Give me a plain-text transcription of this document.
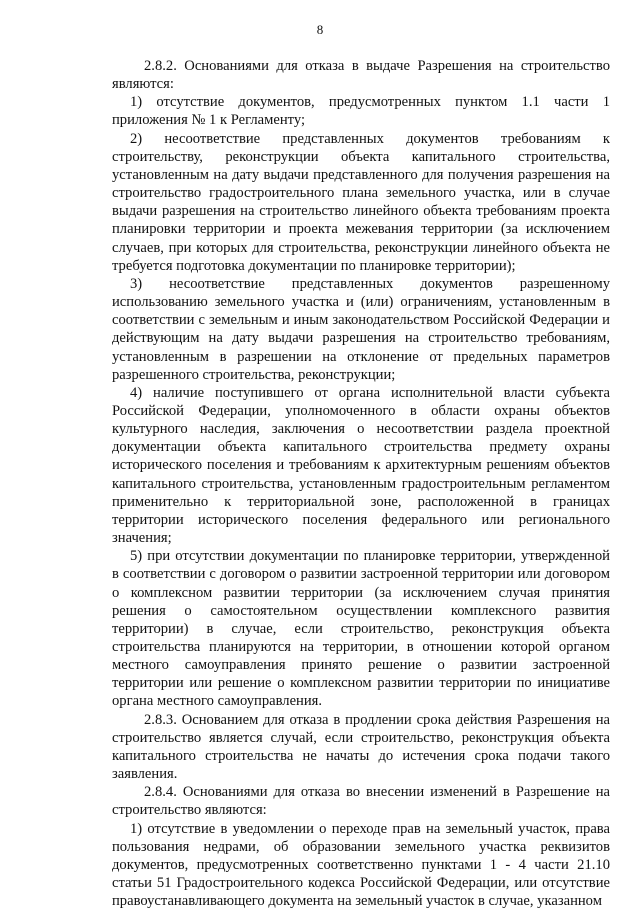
8

2.8.2. Основаниями для отказа в выдаче Разрешения на строительство являются:

1) отсутствие документов, предусмотренных пунктом 1.1 части 1 приложения № 1 к Регламенту;

2) несоответствие представленных документов требованиям к строительству, реконструкции объекта капитального строительства, установленным на дату выдачи представленного для получения разрешения на строительство градостроительного плана земельного участка, или в случае выдачи разрешения на строительство линейного объекта требованиям проекта планировки территории и проекта межевания территории (за исключением случаев, при которых для строительства, реконструкции линейного объекта не требуется подготовка документации по планировке территории);

3) несоответствие представленных документов разрешенному использованию земельного участка и (или) ограничениям, установленным в соответствии с земельным и иным законодательством Российской Федерации и действующим на дату выдачи разрешения на строительство требованиям, установленным в разрешении на отклонение от предельных параметров разрешенного строительства, реконструкции;

4) наличие поступившего от органа исполнительной власти субъекта Российской Федерации, уполномоченного в области охраны объектов культурного наследия, заключения о несоответствии раздела проектной документации объекта капитального строительства предмету охраны исторического поселения и требованиям к архитектурным решениям объектов капитального строительства, установленным градостроительным регламентом применительно к территориальной зоне, расположенной в границах территории исторического поселения федерального или регионального значения;

5) при отсутствии документации по планировке территории, утвержденной в соответствии с договором о развитии застроенной территории или договором о комплексном развитии территории (за исключением случая принятия решения о самостоятельном осуществлении комплексного развития территории) в случае, если строительство, реконструкция объекта строительства планируются на территории, в отношении которой органом местного самоуправления принято решение о развитии застроенной территории или решение о комплексном развитии территории по инициативе органа местного самоуправления.

2.8.3. Основанием для отказа в продлении срока действия Разрешения на строительство является случай, если строительство, реконструкция объекта капитального строительства не начаты до истечения срока подачи такого заявления.

2.8.4. Основаниями для отказа во внесении изменений в Разрешение на строительство являются:

1) отсутствие в уведомлении о переходе прав на земельный участок, права пользования недрами, об образовании земельного участка реквизитов документов, предусмотренных соответственно пунктами 1 - 4 части 21.10 статьи 51 Градостроительного кодекса Российской Федерации, или отсутствие правоустанавливающего документа на земельный участок в случае, указанном
